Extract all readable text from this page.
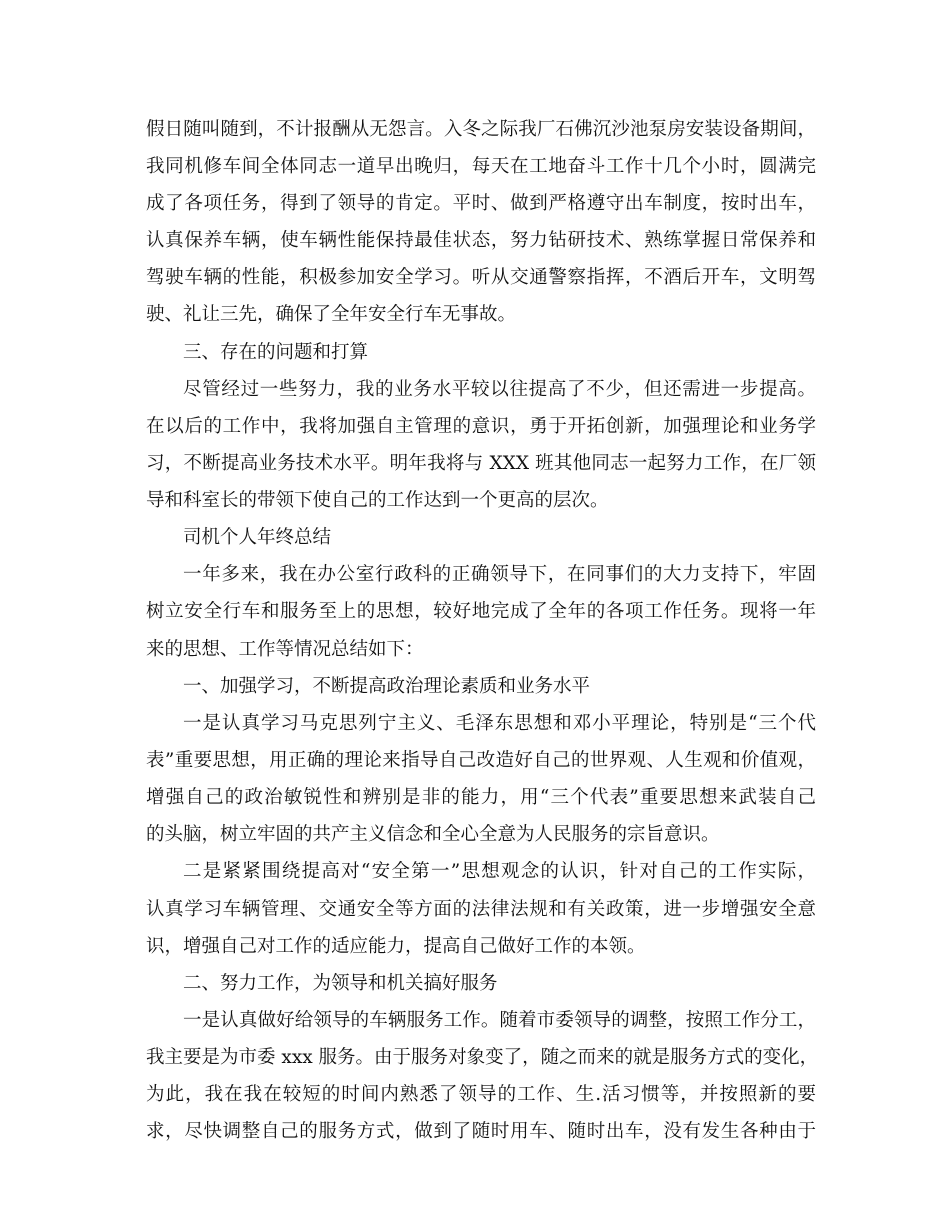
假日随叫随到，不计报酬从无怨言。入冬之际我厂石佛沉沙池泵房安装设备期间，
我同机修车间全体同志一道早出晚归，每天在工地奋斗工作十几个小时，圆满完
成了各项任务，得到了领导的肯定。平时、做到严格遵守出车制度，按时出车，
认真保养车辆，使车辆性能保持最佳状态，努力钻研技术、熟练掌握日常保养和
驾驶车辆的性能，积极参加安全学习。听从交通警察指挥，不酒后开车，文明驾
驶、礼让三先，确保了全年安全行车无事故。
三、存在的问题和打算
尽管经过一些努力，我的业务水平较以往提高了不少，但还需进一步提高。
在以后的工作中，我将加强自主管理的意识，勇于开拓创新，加强理论和业务学
习，不断提高业务技术水平。明年我将与 XXX 班其他同志一起努力工作，在厂领
导和科室长的带领下使自己的工作达到一个更高的层次。
司机个人年终总结
一年多来，我在办公室行政科的正确领导下，在同事们的大力支持下，牢固
树立安全行车和服务至上的思想，较好地完成了全年的各项工作任务。现将一年
来的思想、工作等情况总结如下：
一、加强学习，不断提高政治理论素质和业务水平
一是认真学习马克思列宁主义、毛泽东思想和邓小平理论，特别是“三个代
表”重要思想，用正确的理论来指导自己改造好自己的世界观、人生观和价值观，
增强自己的政治敏锐性和辨别是非的能力，用“三个代表”重要思想来武装自己
的头脑，树立牢固的共产主义信念和全心全意为人民服务的宗旨意识。
二是紧紧围绕提高对“安全第一”思想观念的认识，针对自己的工作实际，
认真学习车辆管理、交通安全等方面的法律法规和有关政策，进一步增强安全意
识，增强自己对工作的适应能力，提高自己做好工作的本领。
二、努力工作，为领导和机关搞好服务
一是认真做好给领导的车辆服务工作。随着市委领导的调整，按照工作分工，
我主要是为市委 xxx 服务。由于服务对象变了，随之而来的就是服务方式的变化，
为此，我在我在较短的时间内熟悉了领导的工作、生.活习惯等，并按照新的要
求，尽快调整自己的服务方式，做到了随时用车、随时出车，没有发生各种由于
